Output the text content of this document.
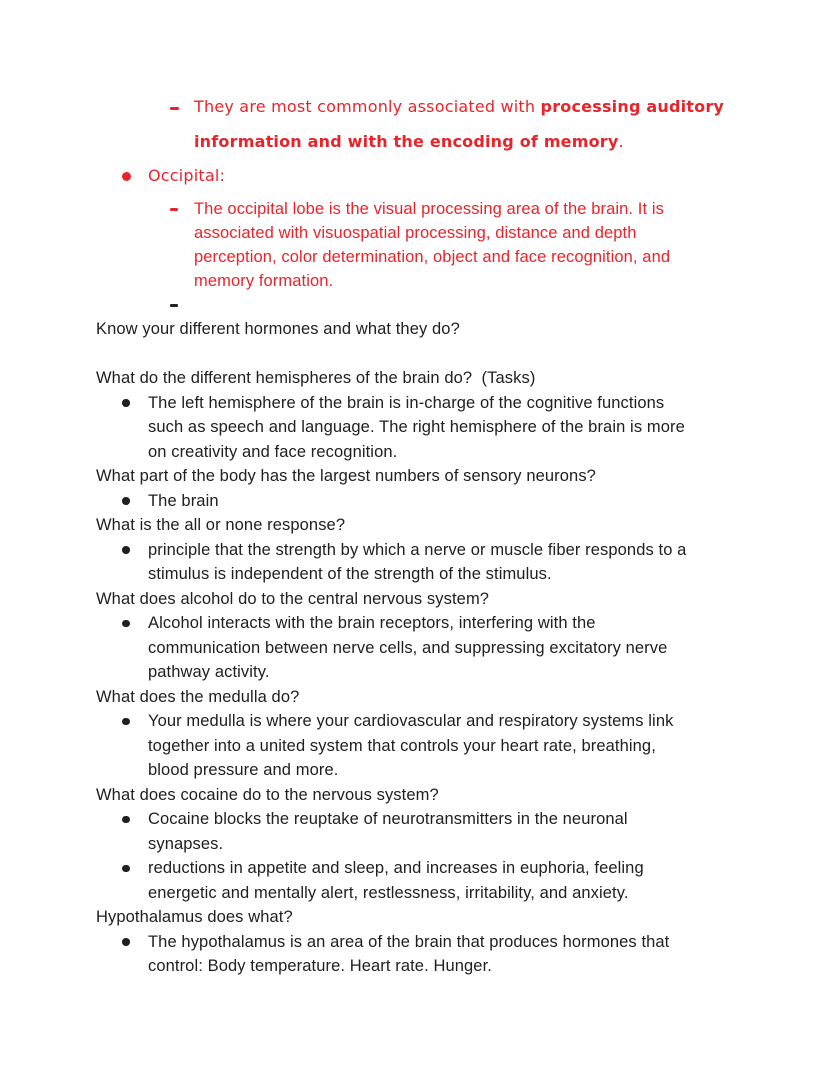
They are most commonly associated with processing auditory
information and with the encoding of memory.
Occipital:
The occipital lobe is the visual processing area of the brain. It is
associated with visuospatial processing, distance and depth
perception, color determination, object and face recognition, and
memory formation.

Know your different hormones and what they do?
What do the different hemispheres of the brain do?  (Tasks)
The left hemisphere of the brain is in-charge of the cognitive functions
such as speech and language. The right hemisphere of the brain is more
on creativity and face recognition.
What part of the body has the largest numbers of sensory neurons?
The brain
What is the all or none response?
principle that the strength by which a nerve or muscle fiber responds to a
stimulus is independent of the strength of the stimulus.
What does alcohol do to the central nervous system?
Alcohol interacts with the brain receptors, interfering with the
communication between nerve cells, and suppressing excitatory nerve
pathway activity.
What does the medulla do?
Your medulla is where your cardiovascular and respiratory systems link
together into a united system that controls your heart rate, breathing,
blood pressure and more.
What does cocaine do to the nervous system?
Cocaine blocks the reuptake of neurotransmitters in the neuronal
synapses.
reductions in appetite and sleep, and increases in euphoria, feeling
energetic and mentally alert, restlessness, irritability, and anxiety.
Hypothalamus does what?
The hypothalamus is an area of the brain that produces hormones that
control: Body temperature. Heart rate. Hunger.
